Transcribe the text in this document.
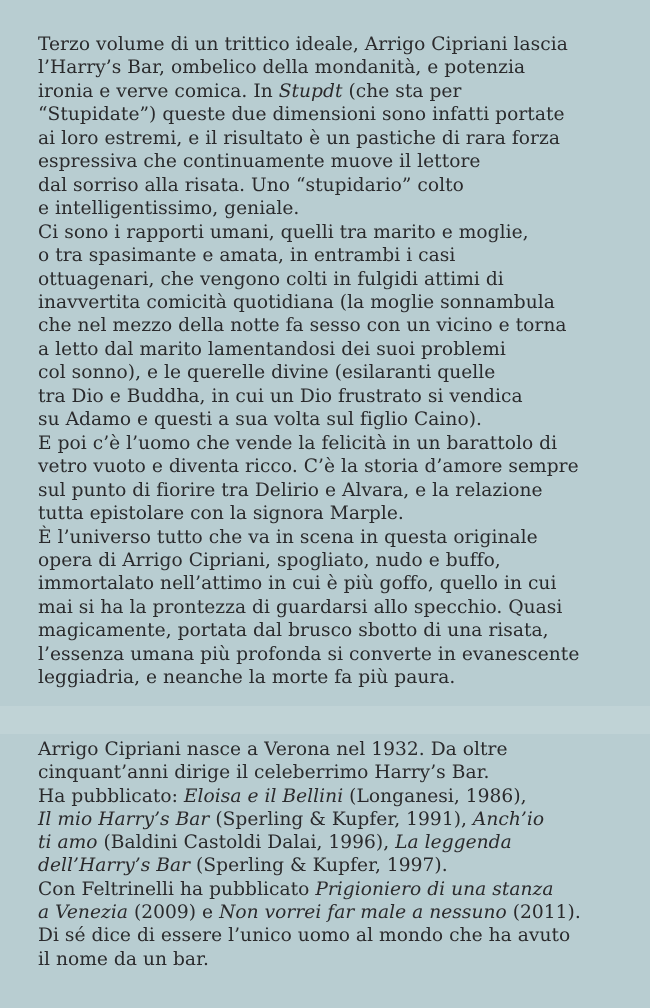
Terzo volume di un trittico ideale, Arrigo Cipriani lascia
l’Harry’s Bar, ombelico della mondanità, e potenzia
ironia e verve comica. In Stupdt (che sta per
“Stupidate”) queste due dimensioni sono infatti portate
ai loro estremi, e il risultato è un pastiche di rara forza
espressiva che continuamente muove il lettore
dal sorriso alla risata. Uno “stupidario” colto
e intelligentissimo, geniale.
Ci sono i rapporti umani, quelli tra marito e moglie,
o tra spasimante e amata, in entrambi i casi
ottuagenari, che vengono colti in fulgidi attimi di
inavvertita comicità quotidiana (la moglie sonnambula
che nel mezzo della notte fa sesso con un vicino e torna
a letto dal marito lamentandosi dei suoi problemi
col sonno), e le querelle divine (esilaranti quelle
tra Dio e Buddha, in cui un Dio frustrato si vendica
su Adamo e questi a sua volta sul figlio Caino).
E poi c’è l’uomo che vende la felicità in un barattolo di
vetro vuoto e diventa ricco. C’è la storia d’amore sempre
sul punto di fiorire tra Delirio e Alvara, e la relazione
tutta epistolare con la signora Marple.
È l’universo tutto che va in scena in questa originale
opera di Arrigo Cipriani, spogliato, nudo e buffo,
immortalato nell’attimo in cui è più goffo, quello in cui
mai si ha la prontezza di guardarsi allo specchio. Quasi
magicamente, portata dal brusco sbotto di una risata,
l’essenza umana più profonda si converte in evanescente
leggiadria, e neanche la morte fa più paura.
Arrigo Cipriani nasce a Verona nel 1932. Da oltre
cinquant’anni dirige il celeberrimo Harry’s Bar.
Ha pubblicato: Eloisa e il Bellini (Longanesi, 1986),
Il mio Harry’s Bar (Sperling & Kupfer, 1991), Anch’io
ti amo (Baldini Castoldi Dalai, 1996), La leggenda
dell’Harry’s Bar (Sperling & Kupfer, 1997).
Con Feltrinelli ha pubblicato Prigioniero di una stanza
a Venezia (2009) e Non vorrei far male a nessuno (2011).
Di sé dice di essere l’unico uomo al mondo che ha avuto
il nome da un bar.
